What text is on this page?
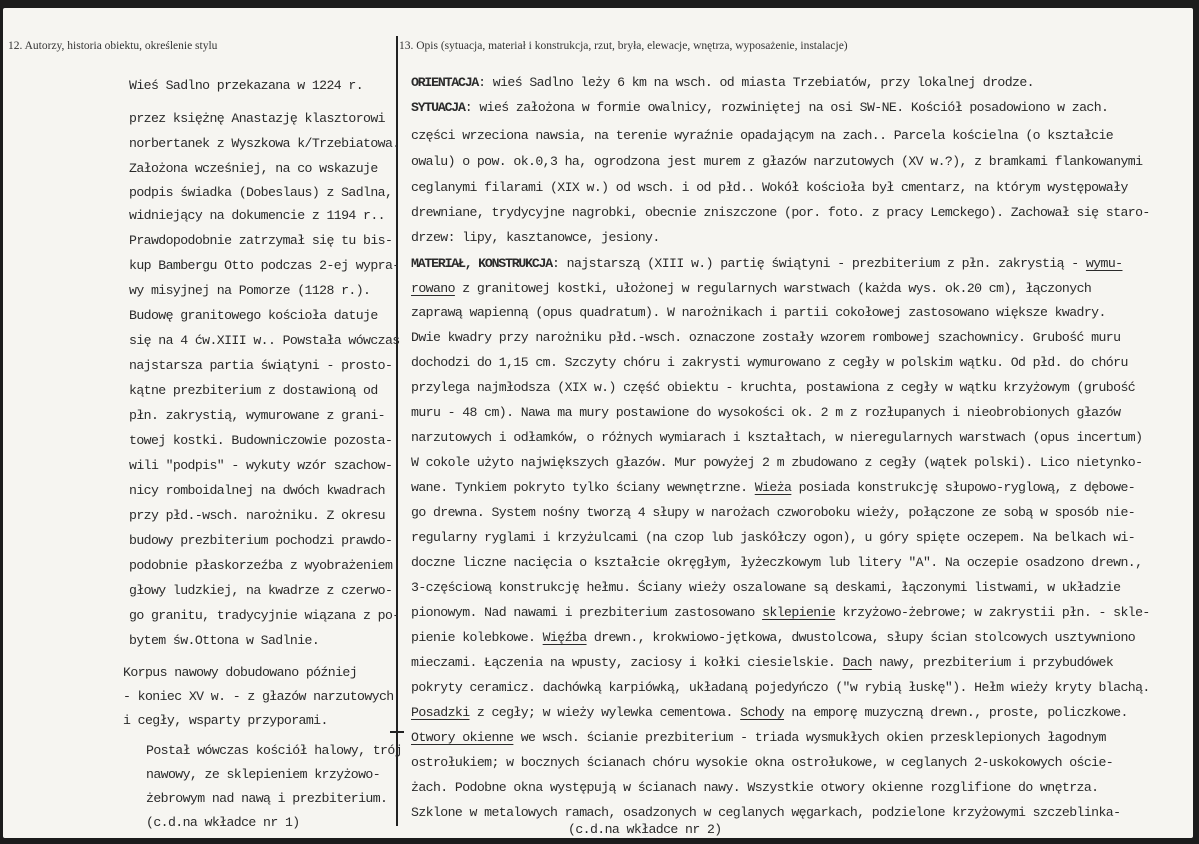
12. Autorzy, historia obiektu, określenie stylu
Wieś Sadlno przekazana w 1224 r.
przez księżnę Anastazję klasztorowi
norbertanek z Wyszkowa k/Trzebiatowa.
Założona wcześniej, na co wskazuje
podpis świadka (Dobeslaus) z Sadlna,
widniejący na dokumencie z 1194 r..
Prawdopodobnie zatrzymał się tu bis-
kup Bambergu Otto podczas 2-ej wypra-
wy misyjnej na Pomorze (1128 r.).
Budowę granitowego kościoła datuje
się na 4 ćw.XIII w.. Powstała wówczas
najstarsza partia świątyni - prosto-
kątne prezbiterium z dostawioną od
płn. zakrystią, wymurowane z grani-
towej kostki. Budowniczowie pozosta-
wili "podpis" - wykuty wzór szachow-
nicy romboidalnej na dwóch kwadrach
przy płd.-wsch. narożniku. Z okresu
budowy prezbiterium pochodzi prawdo-
podobnie płaskorzeźba z wyobrażeniem
głowy ludzkiej, na kwadrze z czerwo-
go granitu, tradycyjnie wiązana z po-
bytem św.Ottona w Sadlnie.
Korpus nawowy dobudowano później
- koniec XV w. - z głazów narzutowych
i cegły, wsparty przyporami.
Postał wówczas kościół halowy, trój
nawowy, ze sklepieniem krzyżowo-
żebrowym nad nawą i prezbiterium.
(c.d.na wkładce nr 1)
13. Opis (sytuacja, materiał i konstrukcja, rzut, bryła, elewacje, wnętrza, wyposażenie, instalacje)
ORIENTACJA: wieś Sadlno leży 6 km na wsch. od miasta Trzebiatów, przy lokalnej drodze.
SYTUACJA: wieś założona w formie owalnicy, rozwiniętej na osi SW-NE. Kościół posadowiono w zach.
części wrzeciona nawsia, na terenie wyraźnie opadającym na zach.. Parcela kościelna (o kształcie
owalu) o pow. ok.0,3 ha, ogrodzona jest murem z głazów narzutowych (XV w.?), z bramkami flankowanymi
ceglanymi filarami (XIX w.) od wsch. i od płd.. Wokół kościoła był cmentarz, na którym występowały
drewniane, trydycyjne nagrobki, obecnie zniszczone (por. foto. z pracy Lemckego). Zachował się staro-
drzew: lipy, kasztanowce, jesiony.
MATERIAŁ, KONSTRUKCJA: najstarszą (XIII w.) partię świątyni - prezbiterium z płn. zakrystią - wymu-
rowano z granitowej kostki, ułożonej w regularnych warstwach (każda wys. ok.20 cm), łączonych
zaprawą wapienną (opus quadratum). W narożnikach i partii cokołowej zastosowano większe kwadry.
Dwie kwadry przy narożniku płd.-wsch. oznaczone zostały wzorem rombowej szachownicy. Grubość muru
dochodzi do 1,15 cm. Szczyty chóru i zakrysti wymurowano z cegły w polskim wątku. Od płd. do chóru
przylega najmłodsza (XIX w.) część obiektu - kruchta, postawiona z cegły w wątku krzyżowym (grubość
muru - 48 cm). Nawa ma mury postawione do wysokości ok. 2 m z rozłupanych i nieobrobionych głazów
narzutowych i odłamków, o różnych wymiarach i kształtach, w nieregularnych warstwach (opus incertum)
W cokole użyto największych głazów. Mur powyżej 2 m zbudowano z cegły (wątek polski). Lico nietynko-
wane. Tynkiem pokryto tylko ściany wewnętrzne. Wieża posiada konstrukcję słupowo-ryglową, z dębowe-
go drewna. System nośny tworzą 4 słupy w narożach czworoboku wieży, połączone ze sobą w sposób nie-
regularny ryglami i krzyżulcami (na czop lub jaskółczy ogon), u góry spięte oczepem. Na belkach wi-
doczne liczne nacięcia o kształcie okręgłym, łyżeczkowym lub litery "A". Na oczepie osadzono drewn.,
3-częściową konstrukcję hełmu. Ściany wieży oszalowane są deskami, łączonymi listwami, w układzie
pionowym. Nad nawami i prezbiterium zastosowano sklepienie krzyżowo-żebrowe; w zakrystii płn. - skle-
pienie kolebkowe. Więźba drewn., krokwiowo-jętkowa, dwustolcowa, słupy ścian stolcowych usztywniono
mieczami. Łączenia na wpusty, zaciosy i kołki ciesielskie. Dach nawy, prezbiterium i przybudówek
pokryty ceramicz. dachówką karpiówką, układaną pojedyńczo ("w rybią łuskę"). Hełm wieży kryty blachą.
Posadzki z cegły; w wieży wylewka cementowa. Schody na emporę muzyczną drewn., proste, policzkowe.
Otwory okienne we wsch. ścianie prezbiterium - triada wysmukłych okien przesklepionych łagodnym
ostrołukiem; w bocznych ścianach chóru wysokie okna ostrołukowe, w ceglanych 2-uskokowych oście-
żach. Podobne okna występują w ścianach nawy. Wszystkie otwory okienne rozglifione do wnętrza.
Szklone w metalowych ramach, osadzonych w ceglanych węgarkach, podzielone krzyżowymi szczeblinka-
(c.d.na wkładce nr 2)
